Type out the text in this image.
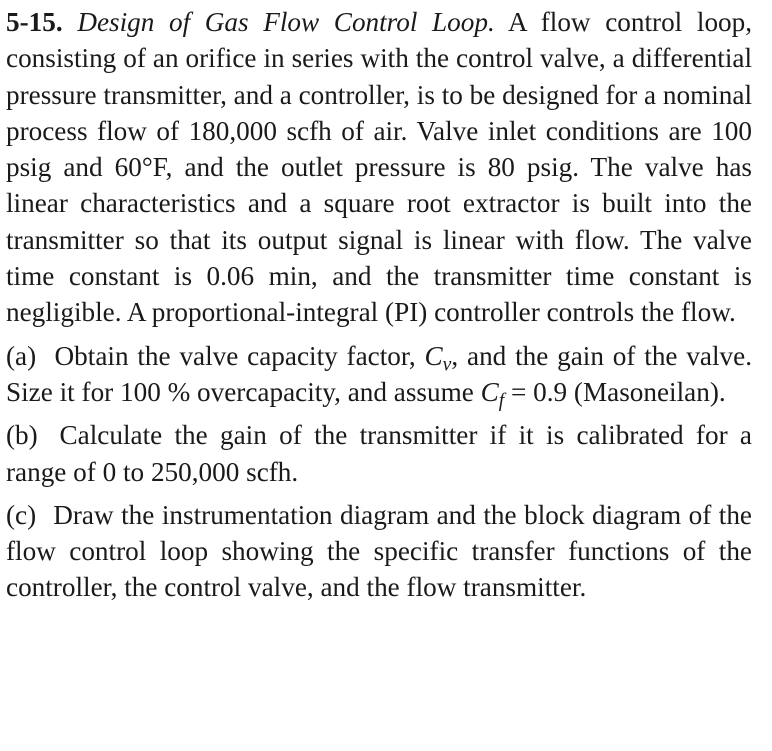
5-15. Design of Gas Flow Control Loop. A flow control loop, consisting of an orifice in series with the control valve, a differential pressure transmitter, and a controller, is to be designed for a nominal process flow of 180,000 scfh of air. Valve inlet conditions are 100 psig and 60°F, and the outlet pressure is 80 psig. The valve has linear characteristics and a square root extractor is built into the transmitter so that its output signal is linear with flow. The valve time constant is 0.06 min, and the transmitter time constant is negligible. A proportional-integral (PI) controller controls the flow.

(a) Obtain the valve capacity factor, $C_v$, and the gain of the valve. Size it for 100 % overcapacity, and assume $C_f = 0.9$ (Masoneilan).

(b) Calculate the gain of the transmitter if it is calibrated for a range of 0 to 250,000 scfh.

(c) Draw the instrumentation diagram and the block diagram of the flow control loop showing the specific transfer functions of the controller, the control valve, and the flow transmitter.
